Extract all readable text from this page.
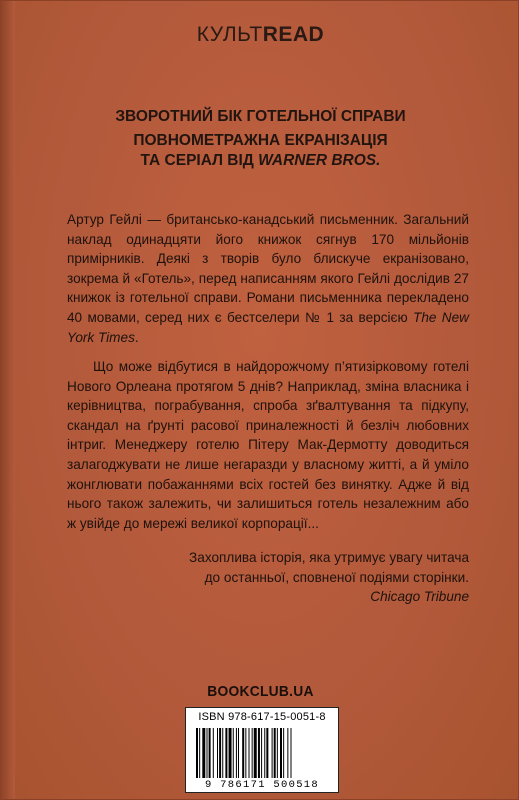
КУЛЬТREAD
ЗВОРОТНИЙ БІК ГОТЕЛЬНОЇ СПРАВИ
ПОВНОМЕТРАЖНА ЕКРАНІЗАЦІЯ
ТА СЕРІАЛ ВІД WARNER BROS.
Артур Гейлі — британсько-канадський письменник. Загальний наклад одинадцяти його книжок сягнув 170 мільйонів примірників. Деякі з творів було блискуче екранізовано, зокрема й «Готель», перед написанням якого Гейлі дослідив 27 книжок із готельної справи. Романи письменника перекладено 40 мовами, серед них є бестселери № 1 за версією The New York Times.
Що може відбутися в найдорожчому п’ятизірковому готелі Нового Орлеана протягом 5 днів? Наприклад, зміна власника і керівництва, пограбування, спроба зґвалтування та підкупу, скандал на ґрунті расової приналежності й безліч любовних інтриг. Менеджеру готелю Пітеру Мак-Дермотту доводиться залагоджувати не лише негаразди у власному житті, а й уміло жонглювати побажаннями всіх гостей без винятку. Адже й від нього також залежить, чи залишиться готель незалежним або ж увійде до мережі великої корпорації...
Захоплива історія, яка утримує увагу читача
до останньої, сповненої подіями сторінки.
Chicago Tribune
BOOKCLUB.UA
ISBN 978-617-15-0051-8
9 786171 500518
